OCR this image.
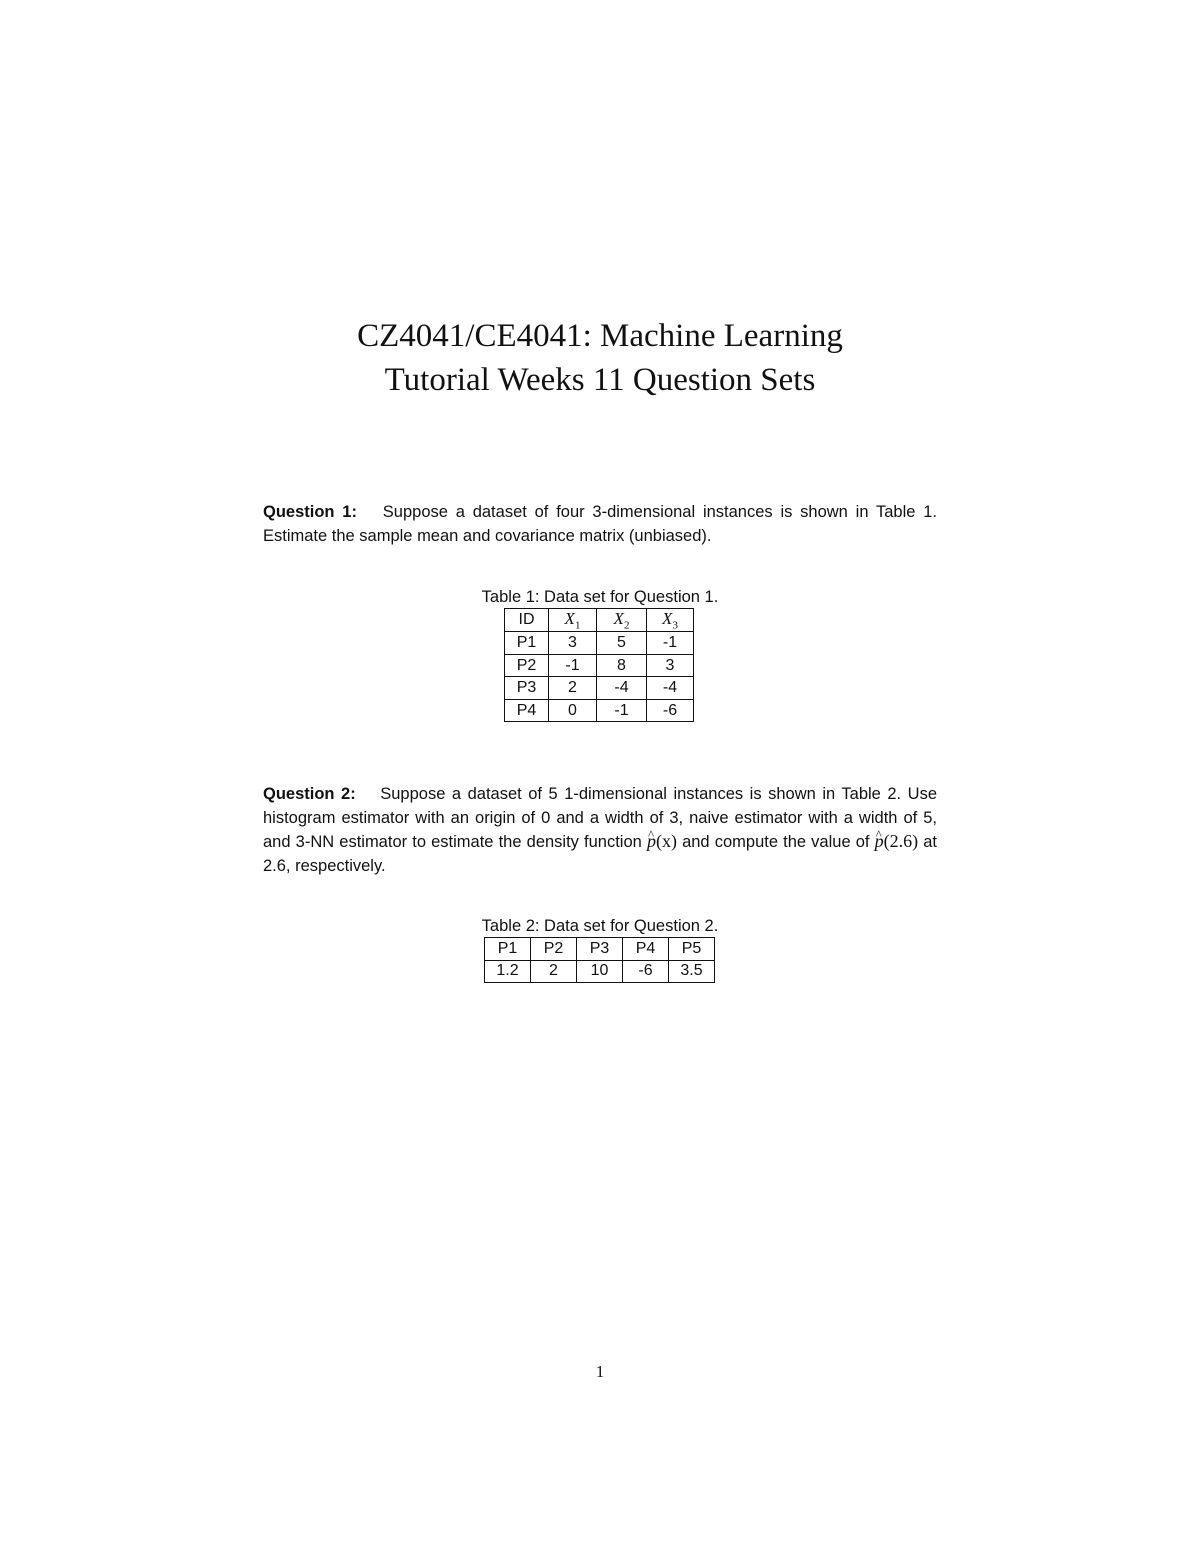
CZ4041/CE4041: Machine Learning
Tutorial Weeks 11 Question Sets
Question 1: Suppose a dataset of four 3-dimensional instances is shown in Table 1. Estimate the sample mean and covariance matrix (unbiased).
Table 1: Data set for Question 1.
ID	$X_1$	$X_2$	$X_3$
P1	3	5	-1
P2	-1	8	3
P3	2	-4	-4
P4	0	-1	-6
Question 2: Suppose a dataset of 5 1-dimensional instances is shown in Table 2. Use histogram estimator with an origin of 0 and a width of 3, naive estimator with a width of 5, and 3-NN estimator to estimate the density function ^ p(x) and compute the value of ^ p(2.6) at 2.6, respectively.
Table 2: Data set for Question 2.
P1	P2	P3	P4	P5
1.2	2	10	-6	3.5
1
